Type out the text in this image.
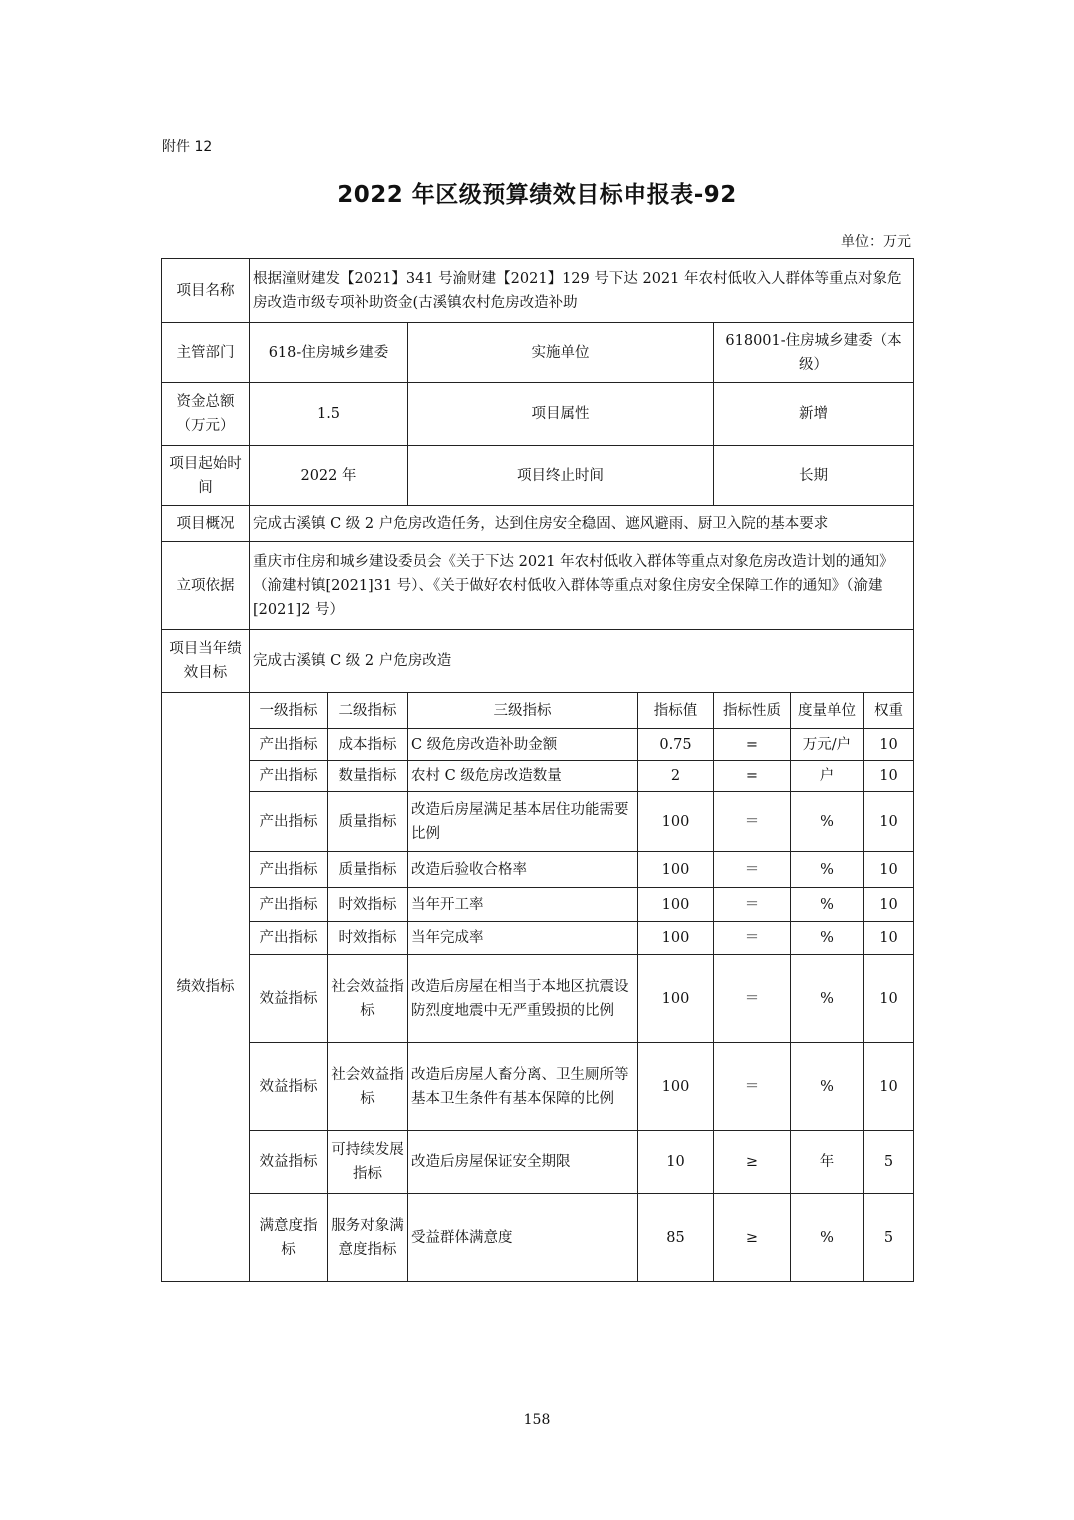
附件 12
2022 年区级预算绩效目标申报表-92
单位：万元
项目名称	根据潼财建发【2021】341 号渝财建【2021】129 号下达 2021 年农村低收入人群体等重点对象危房改造市级专项补助资金(古溪镇农村危房改造补助						
主管部门	618-住房城乡建委		实施单位		618001-住房城乡建委（本级）		
资金总额（万元）	1.5		项目属性		新增		
项目起始时间	2022 年		项目终止时间		长期		
项目概况	完成古溪镇 C 级 2 户危房改造任务，达到住房安全稳固、遮风避雨、厨卫入院的基本要求						
立项依据	重庆市住房和城乡建设委员会《关于下达 2021 年农村低收入群体等重点对象危房改造计划的通知》（渝建村镇[2021]31 号）、《关于做好农村低收入群体等重点对象住房安全保障工作的通知》（渝建[2021]2 号）						
项目当年绩效目标	完成古溪镇 C 级 2 户危房改造						
绩效指标	一级指标	二级指标	三级指标	指标值	指标性质	度量单位	权重
	产出指标	成本指标	C 级危房改造补助金额	0.75	=	万元/户	10
	产出指标	数量指标	农村 C 级危房改造数量	2	=	户	10
	产出指标	质量指标	改造后房屋满足基本居住功能需要比例	100	＝	%	10
	产出指标	质量指标	改造后验收合格率	100	＝	%	10
	产出指标	时效指标	当年开工率	100	＝	%	10
	产出指标	时效指标	当年完成率	100	＝	%	10
	效益指标	社会效益指标	改造后房屋在相当于本地区抗震设防烈度地震中无严重毁损的比例	100	＝	%	10
	效益指标	社会效益指标	改造后房屋人畜分离、卫生厕所等基本卫生条件有基本保障的比例	100	＝	%	10
	效益指标	可持续发展指标	改造后房屋保证安全期限	10	≥	年	5
	满意度指标	服务对象满意度指标	受益群体满意度	85	≥	%	5
158
